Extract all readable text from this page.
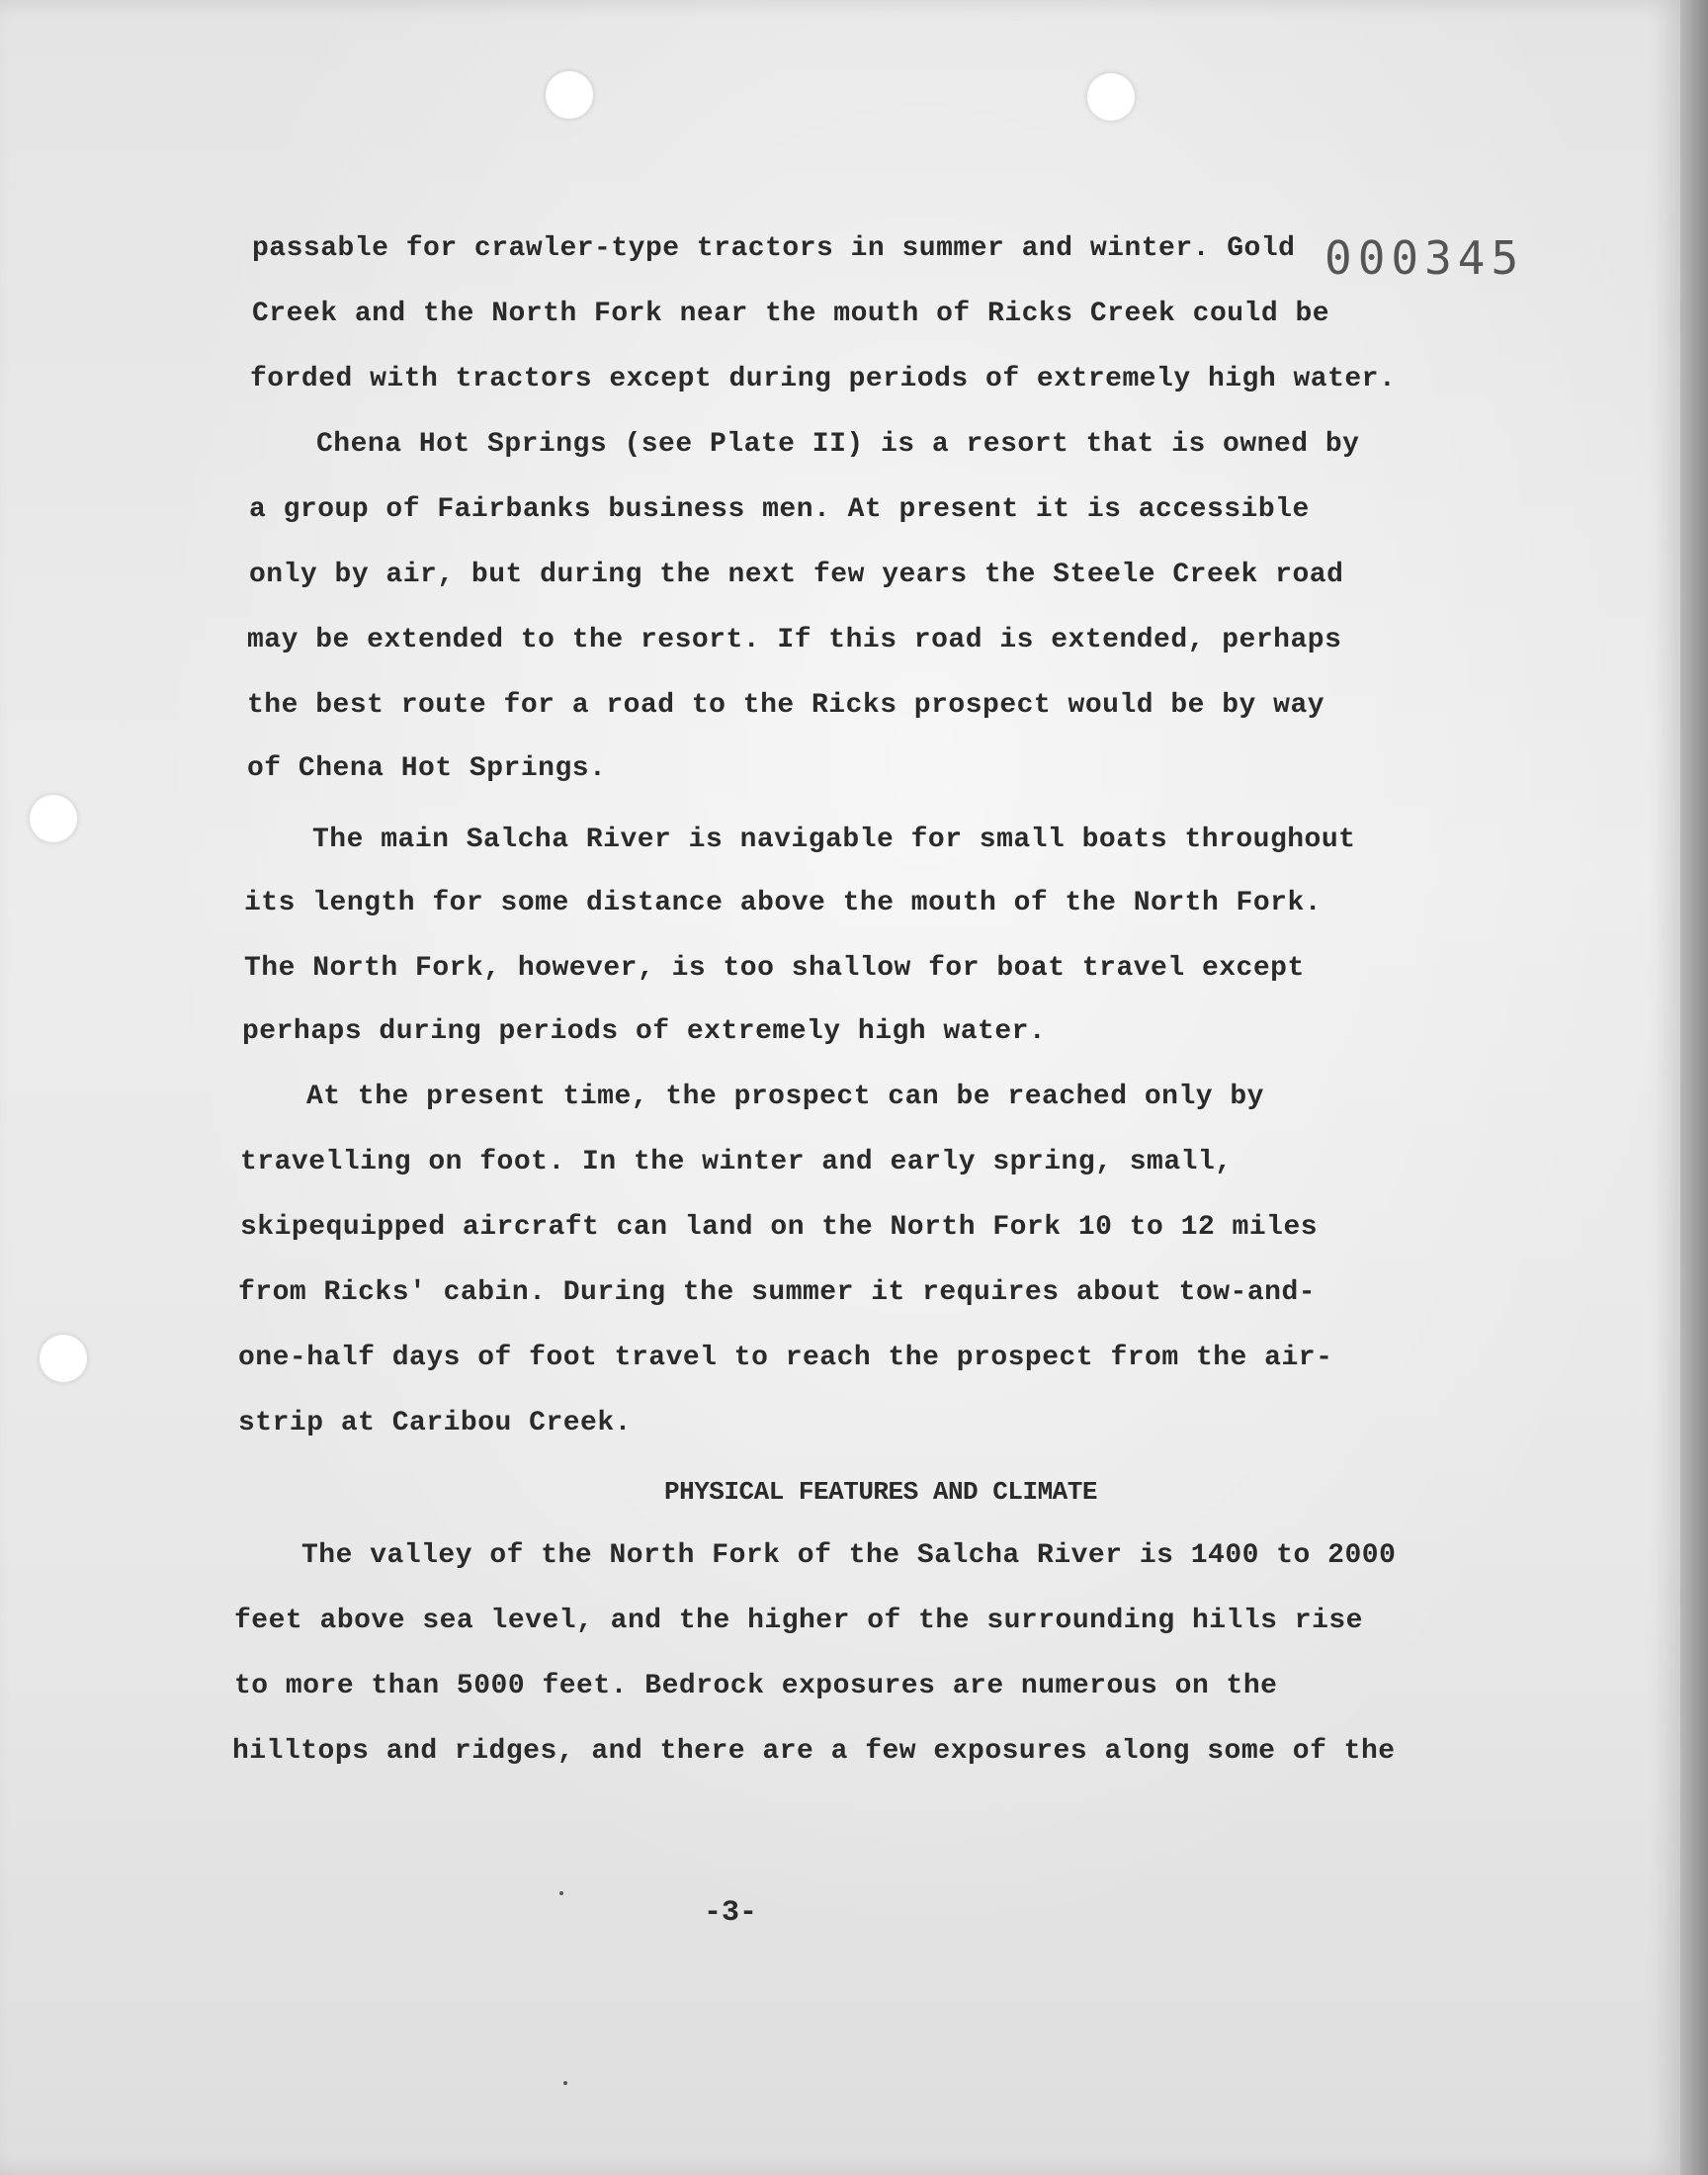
000345

passable for crawler-type tractors in summer and winter. Gold

Creek and the North Fork near the mouth of Ricks Creek could be

forded with tractors except during periods of extremely high water.

Chena Hot Springs (see Plate II) is a resort that is owned by

a group of Fairbanks business men. At present it is accessible

only by air, but during the next few years the Steele Creek road

may be extended to the resort. If this road is extended, perhaps

the best route for a road to the Ricks prospect would be by way

of Chena Hot Springs.

The main Salcha River is navigable for small boats throughout

its length for some distance above the mouth of the North Fork.

The North Fork, however, is too shallow for boat travel except

perhaps during periods of extremely high water.

At the present time, the prospect can be reached only by

travelling on foot. In the winter and early spring, small,

skipequipped aircraft can land on the North Fork 10 to 12 miles

from Ricks' cabin. During the summer it requires about tow-and-

one-half days of foot travel to reach the prospect from the air-

strip at Caribou Creek.

PHYSICAL FEATURES AND CLIMATE

The valley of the North Fork of the Salcha River is 1400 to 2000

feet above sea level, and the higher of the surrounding hills rise

to more than 5000 feet. Bedrock exposures are numerous on the

hilltops and ridges, and there are a few exposures along some of the

-3-
